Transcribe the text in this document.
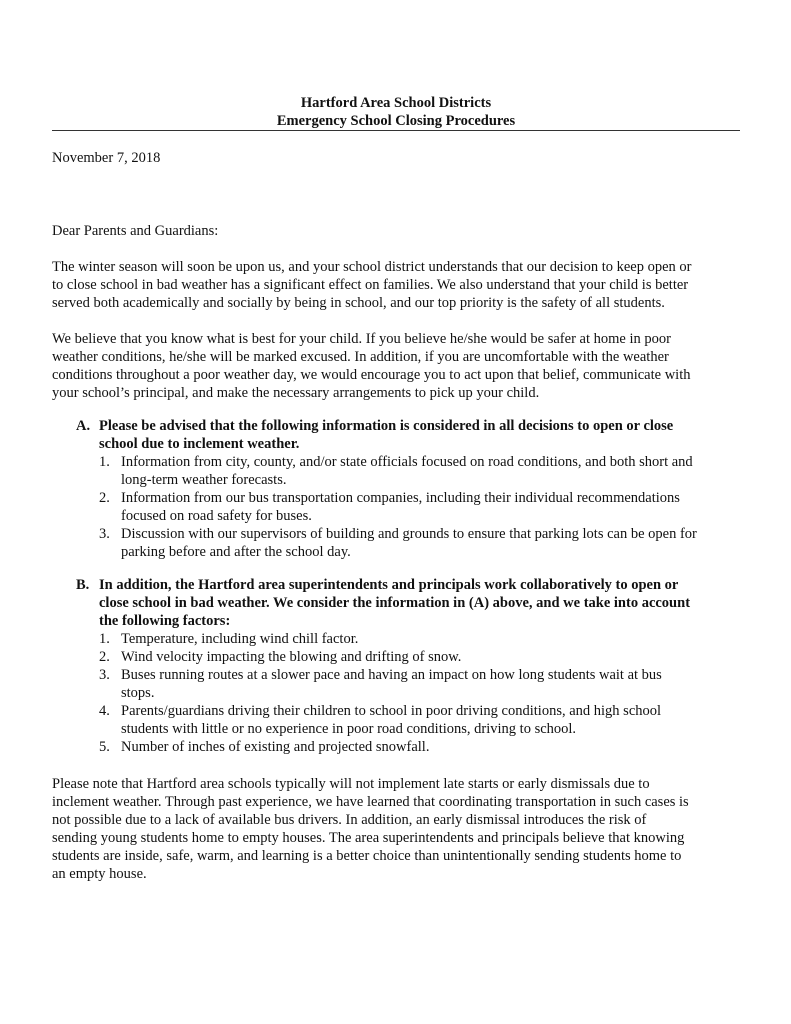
Hartford Area School Districts
Emergency School Closing Procedures
November 7, 2018
Dear Parents and Guardians:
The winter season will soon be upon us, and your school district understands that our decision to keep open or
to close school in bad weather has a significant effect on families. We also understand that your child is better
served both academically and socially by being in school, and our top priority is the safety of all students.
We believe that you know what is best for your child. If you believe he/she would be safer at home in poor
weather conditions, he/she will be marked excused. In addition, if you are uncomfortable with the weather
conditions throughout a poor weather day, we would encourage you to act upon that belief, communicate with
your school’s principal, and make the necessary arrangements to pick up your child.
A. Please be advised that the following information is considered in all decisions to open or close
school due to inclement weather.
1. Information from city, county, and/or state officials focused on road conditions, and both short and
long-term weather forecasts.
2. Information from our bus transportation companies, including their individual recommendations
focused on road safety for buses.
3. Discussion with our supervisors of building and grounds to ensure that parking lots can be open for
parking before and after the school day.
B. In addition, the Hartford area superintendents and principals work collaboratively to open or
close school in bad weather. We consider the information in (A) above, and we take into account
the following factors:
1. Temperature, including wind chill factor.
2. Wind velocity impacting the blowing and drifting of snow.
3. Buses running routes at a slower pace and having an impact on how long students wait at bus
stops.
4. Parents/guardians driving their children to school in poor driving conditions, and high school
students with little or no experience in poor road conditions, driving to school.
5. Number of inches of existing and projected snowfall.
Please note that Hartford area schools typically will not implement late starts or early dismissals due to
inclement weather. Through past experience, we have learned that coordinating transportation in such cases is
not possible due to a lack of available bus drivers. In addition, an early dismissal introduces the risk of
sending young students home to empty houses. The area superintendents and principals believe that knowing
students are inside, safe, warm, and learning is a better choice than unintentionally sending students home to
an empty house.
